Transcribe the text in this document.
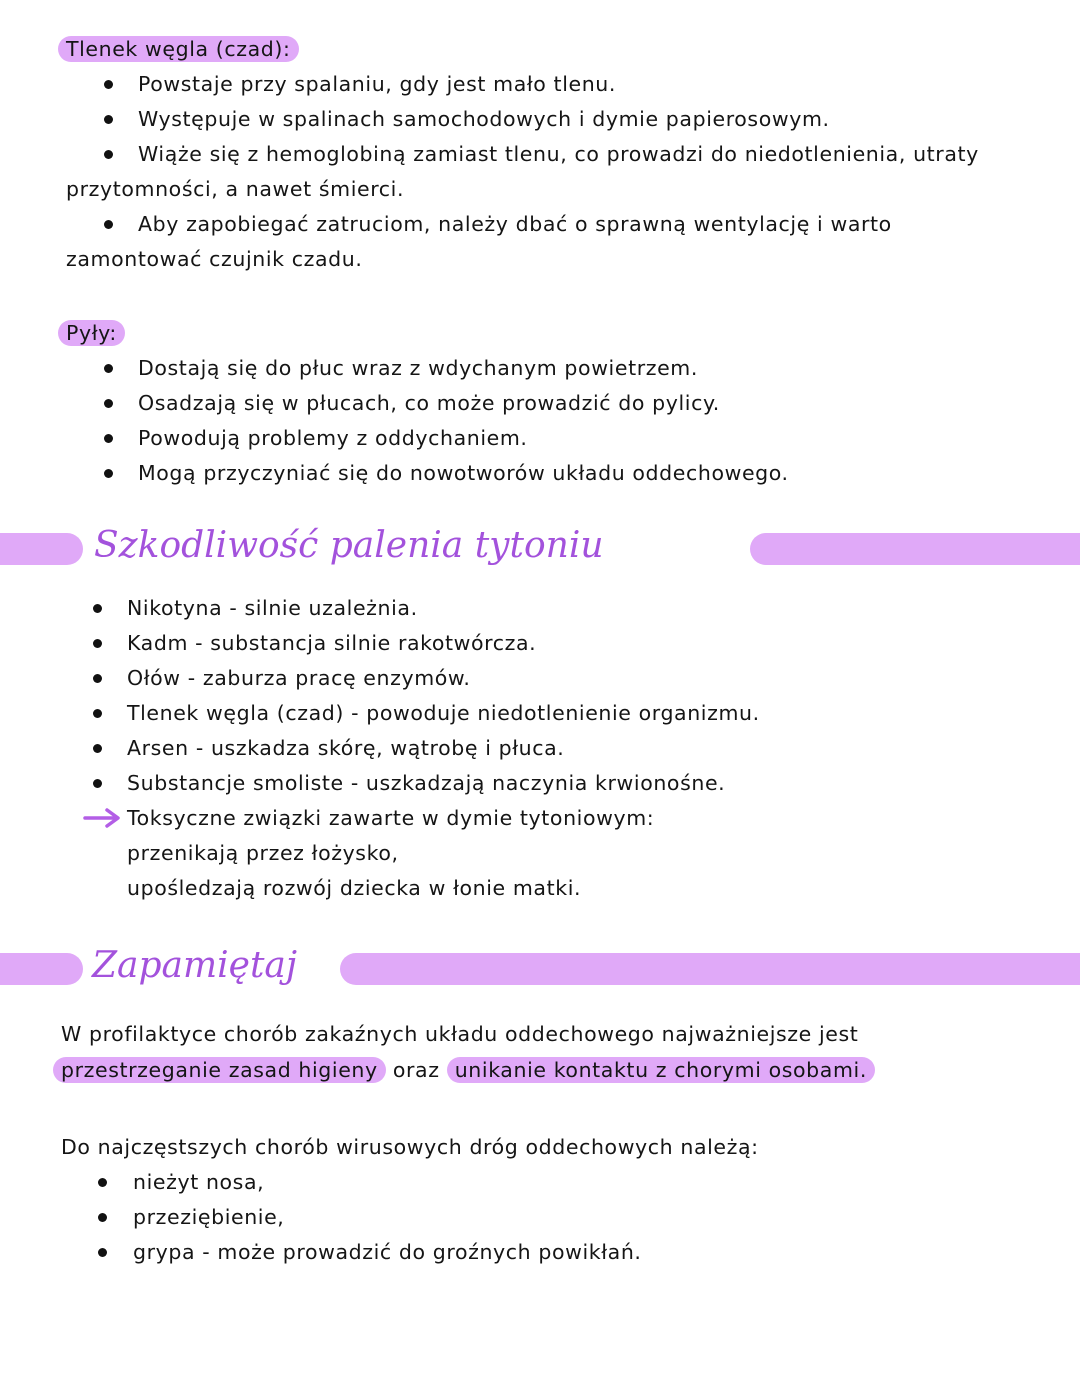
Tlenek węgla (czad):
Powstaje przy spalaniu, gdy jest mało tlenu.
Występuje w spalinach samochodowych i dymie papierosowym.
Wiąże się z hemoglobiną zamiast tlenu, co prowadzi do niedotlenienia, utraty
przytomności, a nawet śmierci.
Aby zapobiegać zatruciom, należy dbać o sprawną wentylację i warto
zamontować czujnik czadu.
Pyły:
Dostają się do płuc wraz z wdychanym powietrzem.
Osadzają się w płucach, co może prowadzić do pylicy.
Powodują problemy z oddychaniem.
Mogą przyczyniać się do nowotworów układu oddechowego.
Szkodliwość palenia tytoniu
Nikotyna - silnie uzależnia.
Kadm - substancja silnie rakotwórcza.
Ołów - zaburza pracę enzymów.
Tlenek węgla (czad) - powoduje niedotlenienie organizmu.
Arsen - uszkadza skórę, wątrobę i płuca.
Substancje smoliste - uszkadzają naczynia krwionośne.
Toksyczne związki zawarte w dymie tytoniowym:
przenikają przez łożysko,
upośledzają rozwój dziecka w łonie matki.
Zapamiętaj
W profilaktyce chorób zakaźnych układu oddechowego najważniejsze jest
przestrzeganie zasad higieny oraz unikanie kontaktu z chorymi osobami.
Do najczęstszych chorób wirusowych dróg oddechowych należą:
nieżyt nosa,
przeziębienie,
grypa - może prowadzić do groźnych powikłań.
